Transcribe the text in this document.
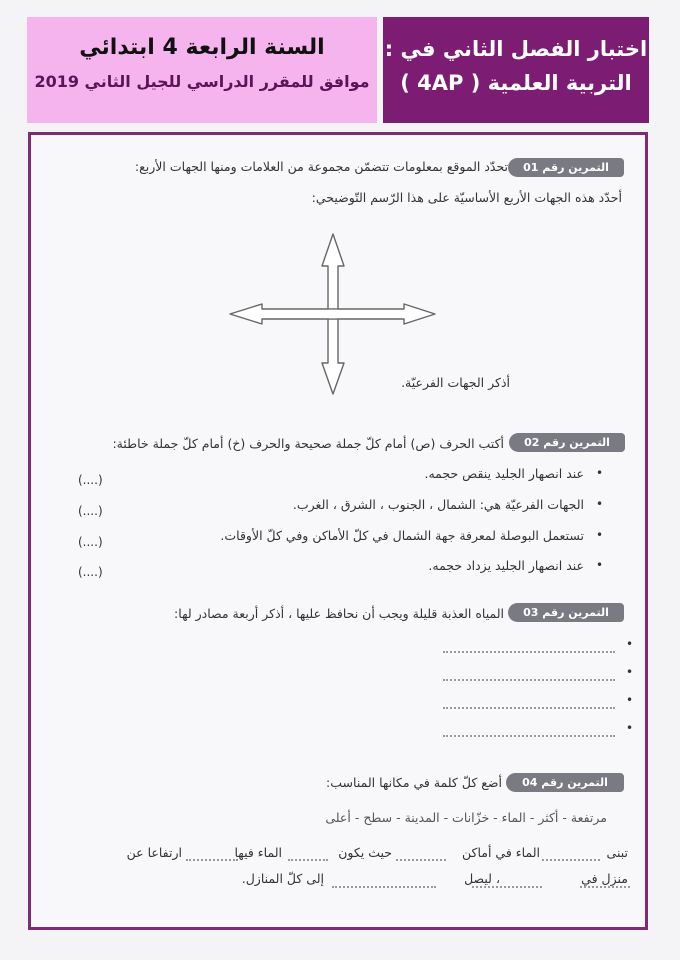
السنة الرابعة 4 ابتدائي
موافق للمقرر الدراسي للجيل الثاني 2019
اختبار الفصل الثاني في :
التربية العلمية ( 4AP )
التمرين رقم 01
تحدّد الموقع بمعلومات تتضمّن مجموعة من العلامات ومنها الجهات الأربع:
أحدّد هذه الجهات الأربع الأساسيّة على هذا الرّسم التّوضيحي:
أذكر الجهات الفرعيّة.
التمرين رقم 02
أكتب الحرف (ص) أمام كلّ جملة صحيحة والحرف (خ) أمام كلّ جملة خاطئة:
•
عند انصهار الجليد ينقص حجمه.
(....)
•
الجهات الفرعيّة هي: الشمال ، الجنوب ، الشرق ، الغرب.
(....)
•
تستعمل البوصلة لمعرفة جهة الشمال في كلّ الأماكن وفي كلّ الأوقات.
(....)
•
عند انصهار الجليد يزداد حجمه.
(....)
التمرين رقم 03
المياه العذبة قليلة ويجب أن نحافظ عليها ، أذكر أربعة مصادر لها:
•
•
•
•
التمرين رقم 04
أضع كلّ كلمة في مكانها المناسب:
مرتفعة - أكثر - الماء - خزّانات - المدينة - سطح - أعلى
تبنى
الماء في أماكن
حيث يكون
الماء فيها
ارتفاعا عن
منزل في
، ليصل
إلى كلّ المنازل.
